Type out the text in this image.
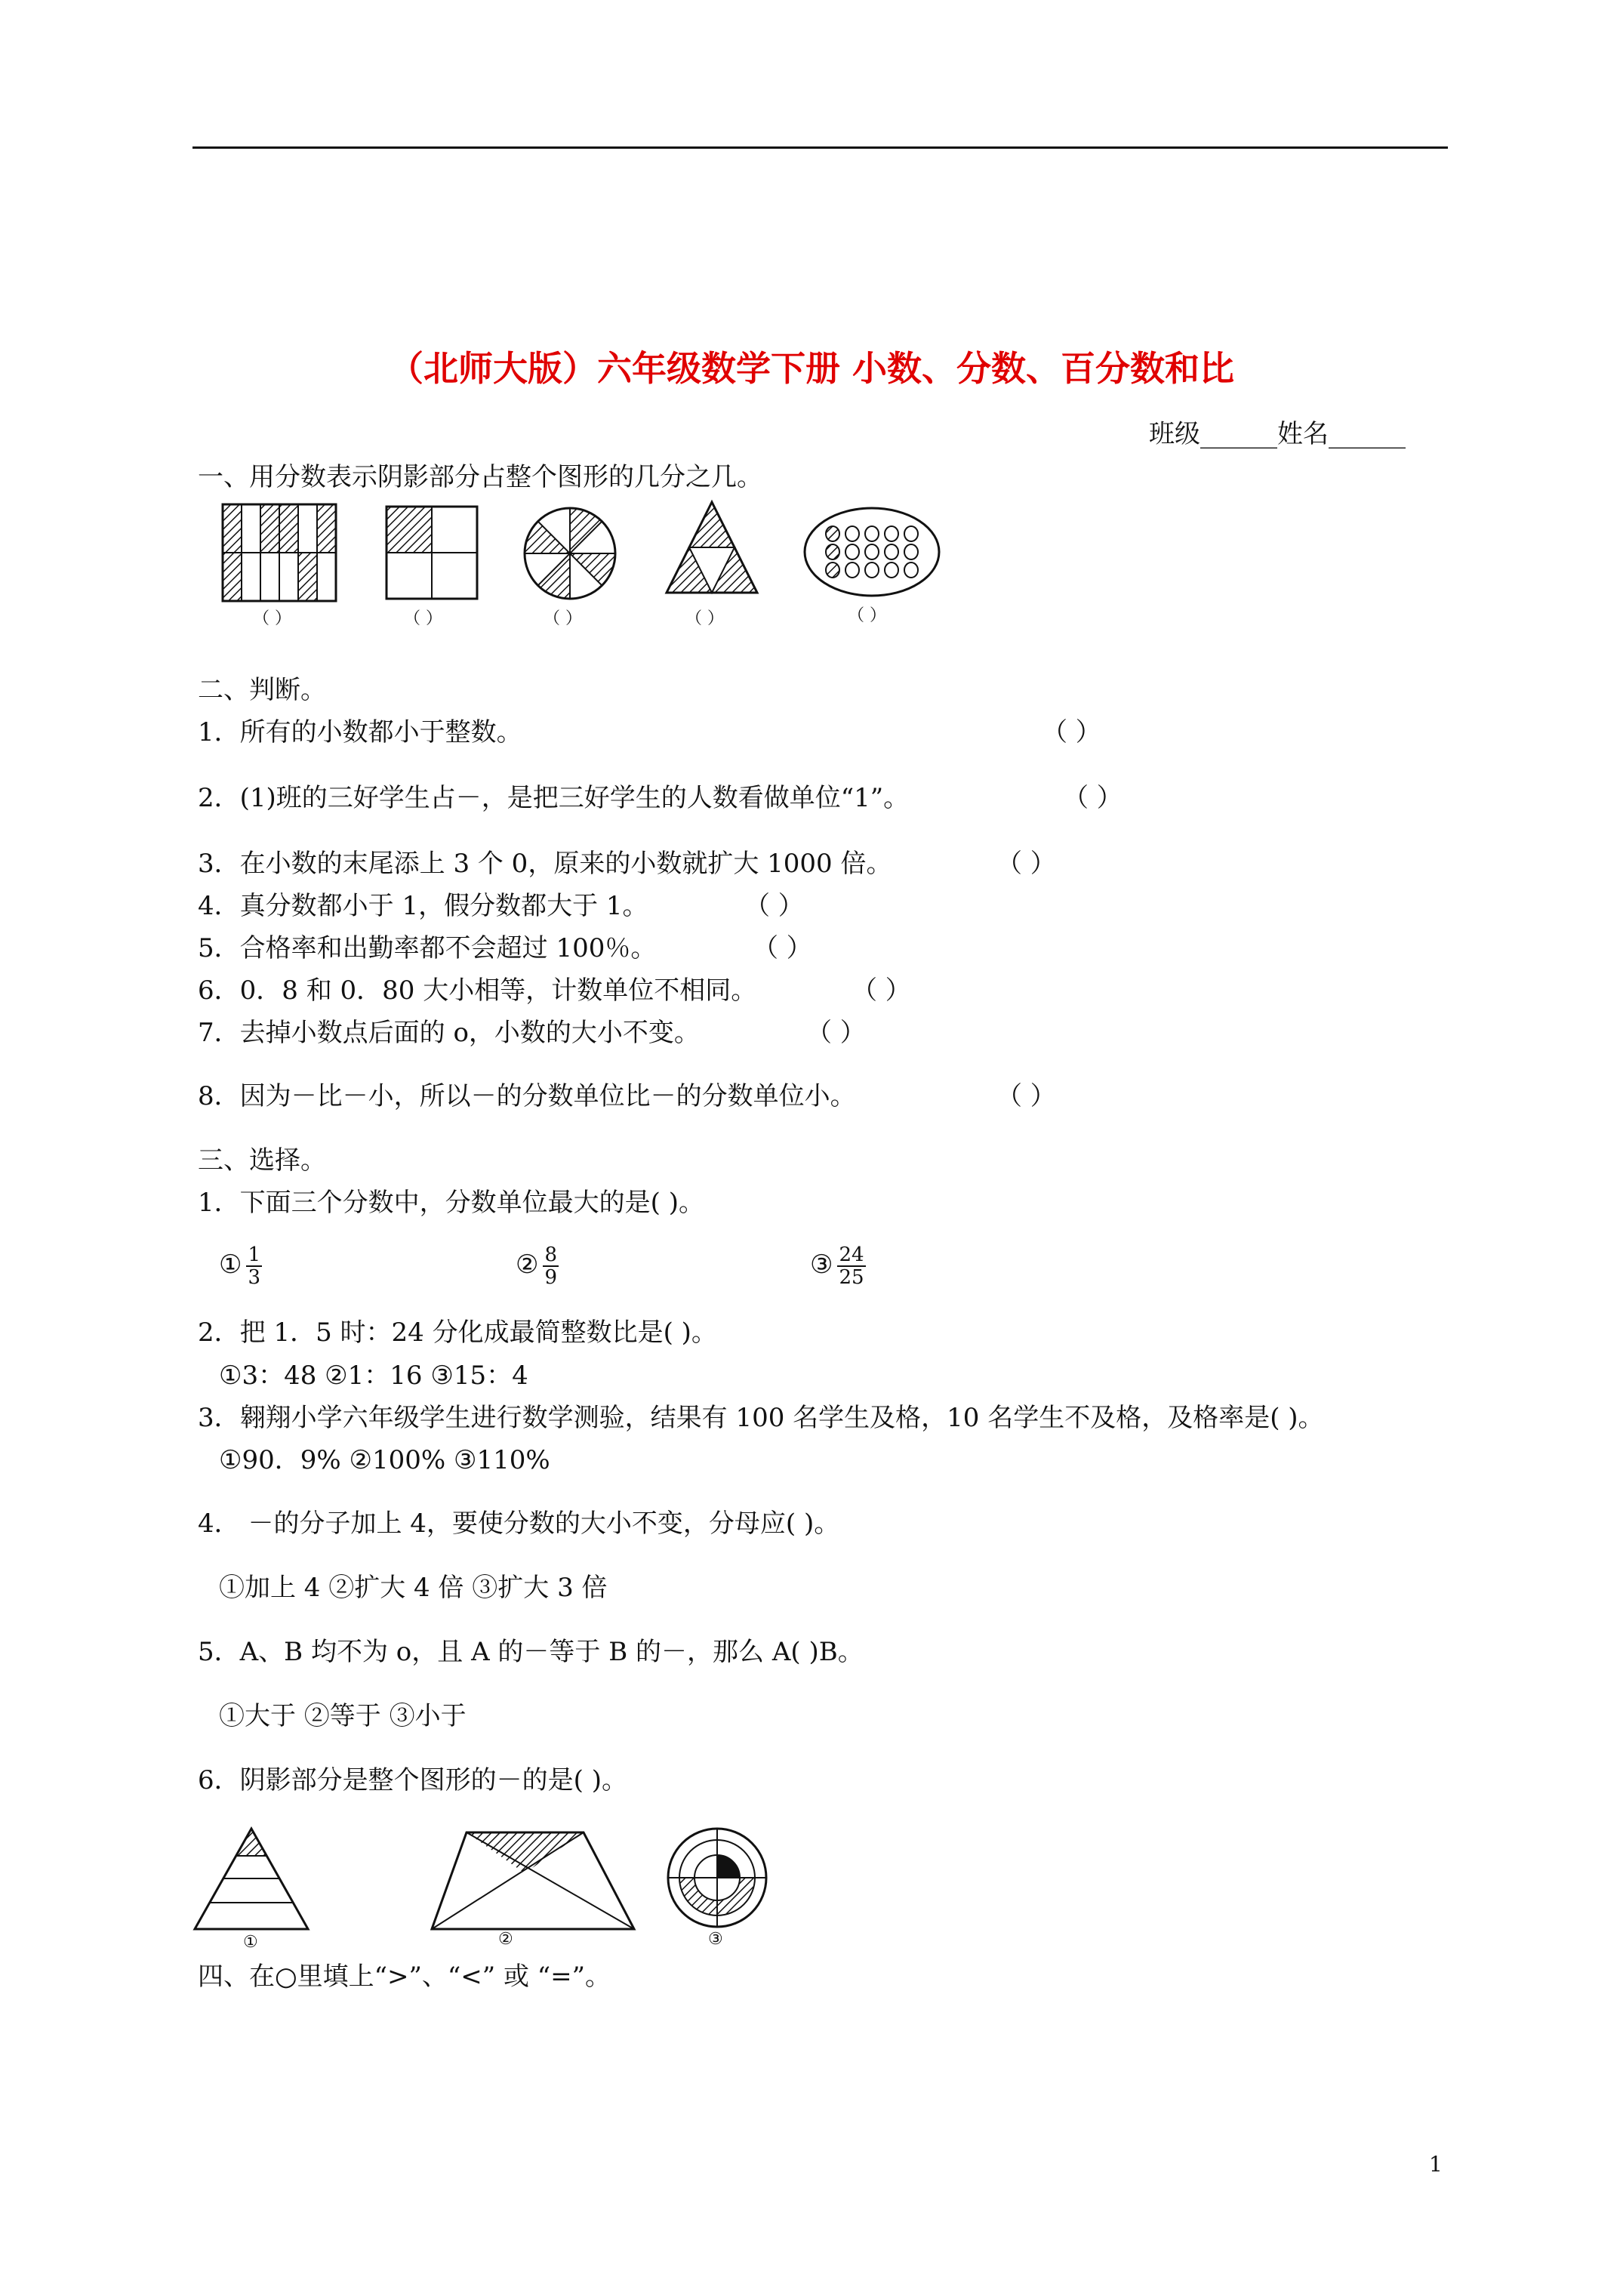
（北师大版）六年级数学下册 小数、分数、百分数和比
班级______姓名______
一、用分数表示阴影部分占整个图形的几分之几。
（ ）	（ ）	（ ）	（ ）	（ ）
二、判断。
1．所有的小数都小于整数。	（ ）
2．(1)班的三好学生占－，是把三好学生的人数看做单位“1”。	（ ）
3．在小数的末尾添上 3 个 0，原来的小数就扩大 1000 倍。	（ ）
4．真分数都小于 1，假分数都大于 1。	（ ）
5．合格率和出勤率都不会超过 100％。	（ ）
6．0．8 和 0．80 大小相等，计数单位不相同。	（ ）
7．去掉小数点后面的 o，小数的大小不变。	（ ）
8．因为－比－小，所以－的分数单位比－的分数单位小。	（ ）
三、选择。
1．下面三个分数中，分数单位最大的是( )。
① $\frac{1}{3}$	② $\frac{8}{9}$	③ $\frac{24}{25}$
2．把 1．5 时：24 分化成最简整数比是( )。
①3：48 ②1：16 ③15：4
3．翱翔小学六年级学生进行数学测验，结果有 100 名学生及格，10 名学生不及格，及格率是( )。
①90．9% ②100% ③110%
4． －的分子加上 4，要使分数的大小不变，分母应( )。
①加上 4 ②扩大 4 倍 ③扩大 3 倍
5．A、B 均不为 o，且 A 的－等于 B 的－，那么 A( )B。
①大于 ②等于 ③小于
6．阴影部分是整个图形的－的是( )。
①	②	③
四、在○里填上“>”、“<” 或 “=”。
1
